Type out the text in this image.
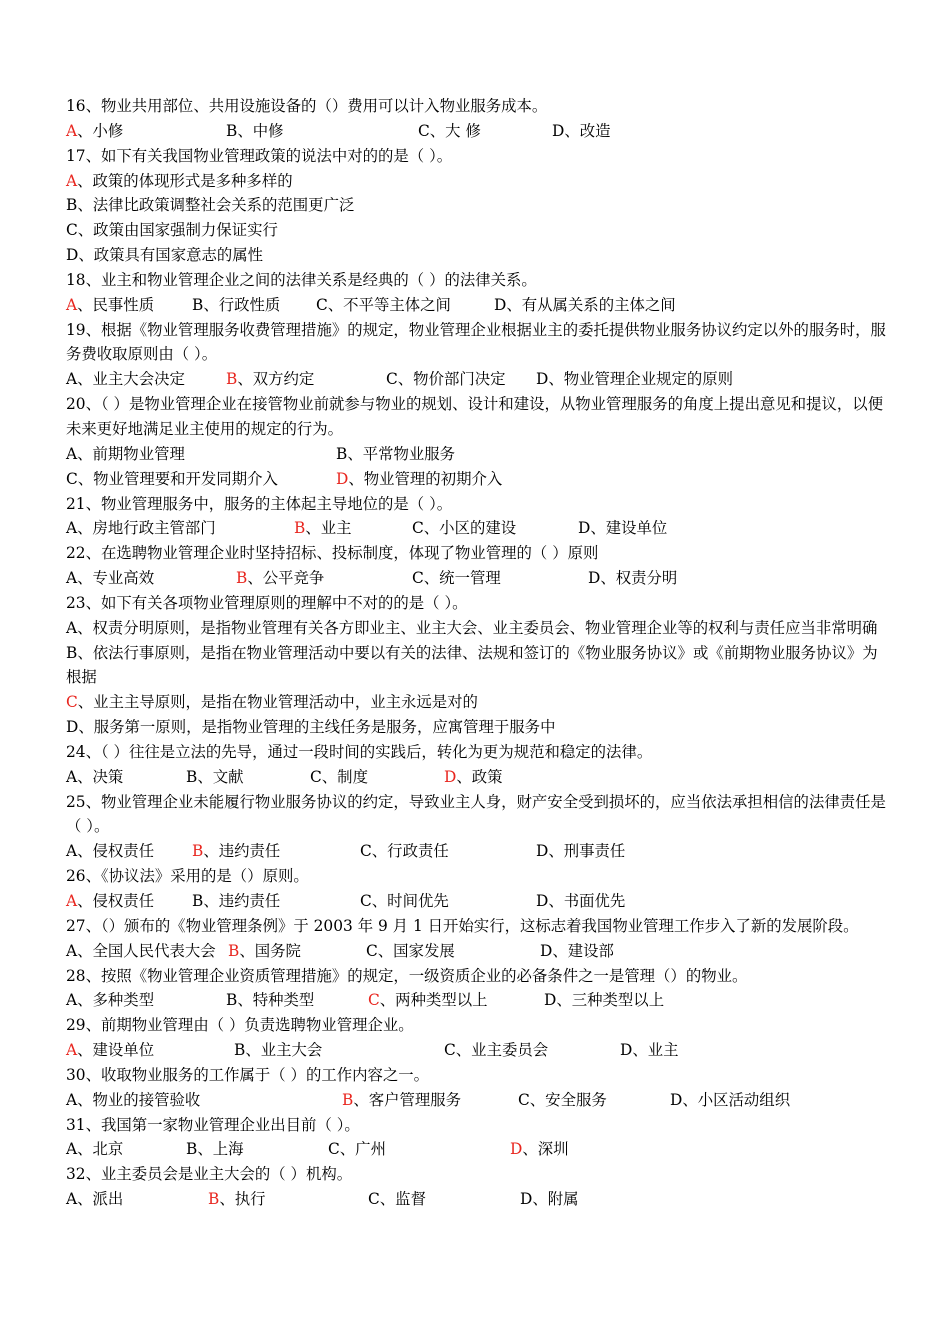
16、物业共用部位、共用设施设备的（）费用可以计入物业服务成本。
A、小修	B、中修	C、大 修	D、改造
17、如下有关我国物业管理政策的说法中对的的是（ ）。
A、政策的体现形式是多种多样的
B、法律比政策调整社会关系的范围更广泛
C、政策由国家强制力保证实行
D、政策具有国家意志的属性
18、业主和物业管理企业之间的法律关系是经典的（ ）的法律关系。
A、民事性质 B、行政性质 C、不平等主体之间	D、有从属关系的主体之间
19、根据《物业管理服务收费管理措施》的规定，物业管理企业根据业主的委托提供物业服务协议约定以外的服务时，服务费收取原则由（ ）。
A、业主大会决定	B、双方约定	C、物价部门决定 D、物业管理企业规定的原则
20、（ ）是物业管理企业在接管物业前就参与物业的规划、设计和建设，从物业管理服务的角度上提出意见和提议，以便未来更好地满足业主使用的规定的行为。
A、前期物业管理	B、平常物业服务
C、物业管理要和开发同期介入	D、物业管理的初期介入
21、物业管理服务中，服务的主体起主导地位的是（ ）。
A、房地行政主管部门	B、业主	C、小区的建设	D、建设单位
22、在选聘物业管理企业时坚持招标、投标制度，体现了物业管理的（ ）原则
A、专业高效	B、公平竞争	C、统一管理	D、权责分明
23、如下有关各项物业管理原则的理解中不对的的是（ ）。
A、权责分明原则，是指物业管理有关各方即业主、业主大会、业主委员会、物业管理企业等的权利与责任应当非常明确
B、依法行事原则，是指在物业管理活动中要以有关的法律、法规和签订的《物业服务协议》或《前期物业服务协议》为根据
C、业主主导原则，是指在物业管理活动中，业主永远是对的
D、服务第一原则，是指物业管理的主线任务是服务，应寓管理于服务中
24、（ ）往往是立法的先导，通过一段时间的实践后，转化为更为规范和稳定的法律。
A、决策	B、文献	C、制度	D、政策
25、物业管理企业未能履行物业服务协议的约定，导致业主人身，财产安全受到损坏的，应当依法承担相信的法律责任是（ ）。
A、侵权责任 B、违约责任	C、行政责任	D、刑事责任
26、《协议法》采用的是（）原则。
A、侵权责任 B、违约责任	C、时间优先	D、书面优先
27、（）颁布的《物业管理条例》于 2003 年 9 月 1 日开始实行，这标志着我国物业管理工作步入了新的发展阶段。
A、全国人民代表大会 B、国务院	C、国家发展	D、建设部
28、按照《物业管理企业资质管理措施》的规定，一级资质企业的必备条件之一是管理（）的物业。
A、多种类型	B、特种类型	C、两种类型以上	D、三种类型以上
29、前期物业管理由（ ）负责选聘物业管理企业。
A、建设单位	B、业主大会	C、业主委员会	D、业主
30、收取物业服务的工作属于（ ）的工作内容之一。
A、物业的接管验收	B、客户管理服务	C、安全服务	D、小区活动组织
31、我国第一家物业管理企业出目前（ ）。
A、北京	B、上海	C、广州	D、深圳
32、业主委员会是业主大会的（ ）机构。
A、派出	B、执行	C、监督	D、附属
